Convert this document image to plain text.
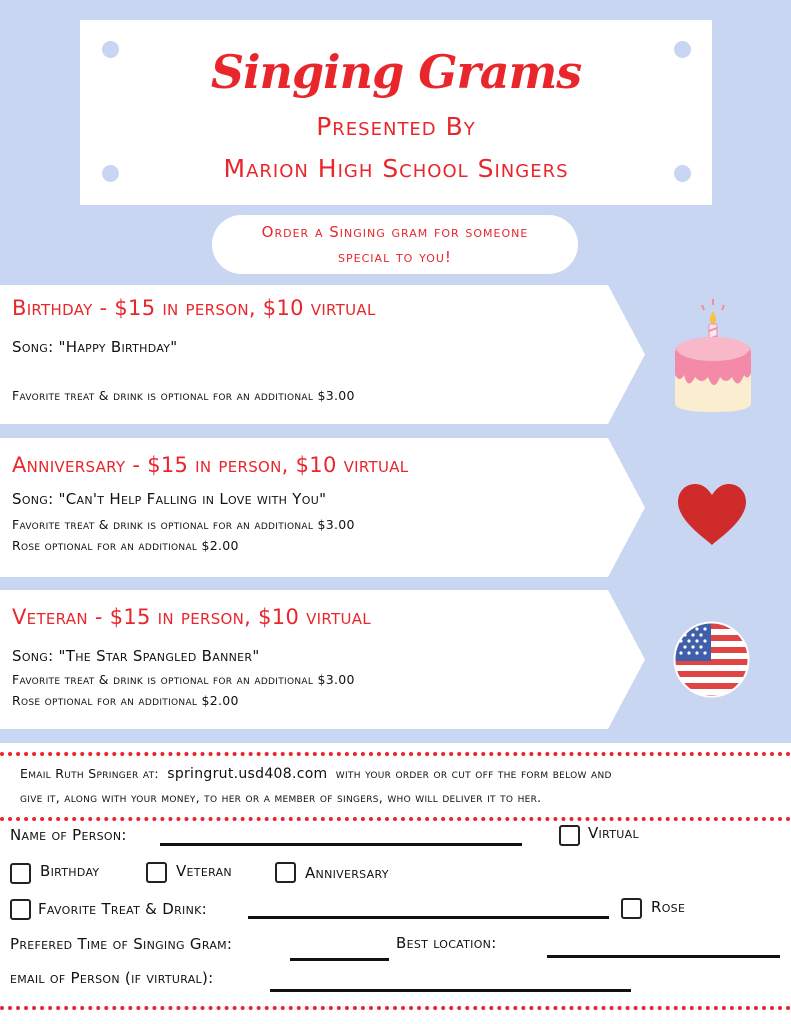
Singing Grams
Presented By
Marion High School Singers
Order a Singing gram for someone
special to you!
Birthday - $15 in person, $10 virtual
Song: "Happy Birthday"
Favorite treat & drink is optional for an additional $3.00
Anniversary - $15 in person, $10 virtual
Song: "Can't Help Falling in Love with You"
Favorite treat & drink is optional for an additional $3.00
Rose optional for an additional $2.00
Veteran - $15 in person, $10 virtual
Song: "The Star Spangled Banner"
Favorite treat & drink is optional for an additional $3.00
Rose optional for an additional $2.00
Email Ruth Springer at: springrut.usd408.com with your order or cut off the form below and
give it, along with your money, to her or a member of singers, who will deliver it to her.
Name of Person:	Virtual
Birthday	Veteran	Anniversary
Favorite Treat & Drink:	Rose
Prefered Time of Singing Gram:	Best location:
email of Person (if virtural):
